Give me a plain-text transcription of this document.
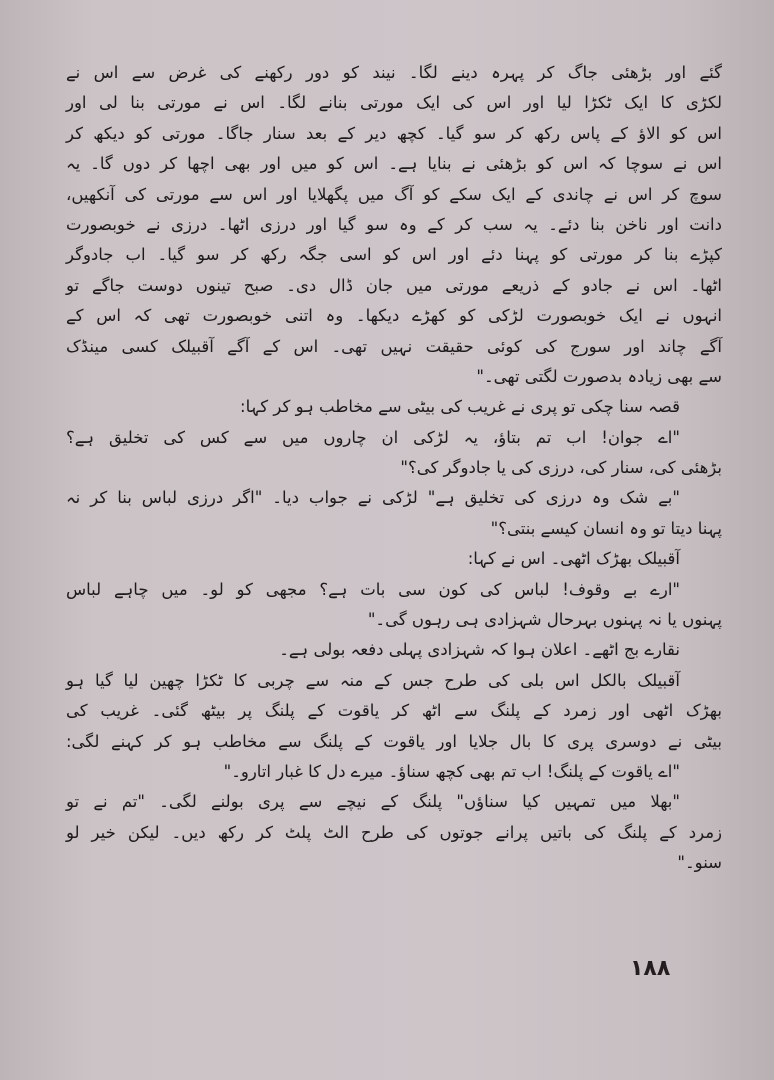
گئے اور بڑھئی جاگ کر پہرہ دینے لگا۔ نیند کو دور رکھنے کی غرض سے اس نے
لکڑی کا ایک ٹکڑا لیا اور اس کی ایک مورتی بنانے لگا۔ اس نے مورتی بنا لی اور
اس کو الاؤ کے پاس رکھ کر سو گیا۔ کچھ دیر کے بعد سنار جاگا۔ مورتی کو دیکھ کر
اس نے سوچا کہ اس کو بڑھئی نے بنایا ہے۔ اس کو میں اور بھی اچھا کر دوں گا۔ یہ
سوچ کر اس نے چاندی کے ایک سکے کو آگ میں پگھلایا اور اس سے مورتی کی آنکھیں،
دانت اور ناخن بنا دئے۔ یہ سب کر کے وہ سو گیا اور درزی اٹھا۔ درزی نے خوبصورت
کپڑے بنا کر مورتی کو پہنا دئے اور اس کو اسی جگہ رکھ کر سو گیا۔ اب جادوگر
اٹھا۔ اس نے جادو کے ذریعے مورتی میں جان ڈال دی۔ صبح تینوں دوست جاگے تو
انہوں نے ایک خوبصورت لڑکی کو کھڑے دیکھا۔ وہ اتنی خوبصورت تھی کہ اس کے
آگے چاند اور سورج کی کوئی حقیقت نہیں تھی۔ اس کے آگے آقبیلک کسی مینڈک
سے بھی زیادہ بدصورت لگتی تھی۔"
قصہ سنا چکی تو پری نے غریب کی بیٹی سے مخاطب ہو کر کہا:
"اے جوان! اب تم بتاؤ، یہ لڑکی ان چاروں میں سے کس کی تخلیق ہے؟
بڑھئی کی، سنار کی، درزی کی یا جادوگر کی؟"
"بے شک وہ درزی کی تخلیق ہے" لڑکی نے جواب دیا۔ "اگر درزی لباس بنا کر نہ
پہنا دیتا تو وہ انسان کیسے بنتی؟"
آقبیلک بھڑک اٹھی۔ اس نے کہا:
"ارے بے وقوف! لباس کی کون سی بات ہے؟ مجھی کو لو۔ میں چاہے لباس
پہنوں یا نہ پہنوں بہرحال شہزادی ہی رہوں گی۔"
نقارے بج اٹھے۔ اعلان ہوا کہ شہزادی پہلی دفعہ بولی ہے۔
آقبیلک بالکل اس بلی کی طرح جس کے منہ سے چربی کا ٹکڑا چھین لیا گیا ہو
بھڑک اٹھی اور زمرد کے پلنگ سے اٹھ کر یاقوت کے پلنگ پر بیٹھ گئی۔ غریب کی
بیٹی نے دوسری پری کا بال جلایا اور یاقوت کے پلنگ سے مخاطب ہو کر کہنے لگی:
"اے یاقوت کے پلنگ! اب تم بھی کچھ سناؤ۔ میرے دل کا غبار اتارو۔"
"بھلا میں تمہیں کیا سناؤں" پلنگ کے نیچے سے پری بولنے لگی۔ "تم نے تو
زمرد کے پلنگ کی باتیں پرانے جوتوں کی طرح الٹ پلٹ کر رکھ دیں۔ لیکن خیر لو
سنو۔"
۱۸۸
